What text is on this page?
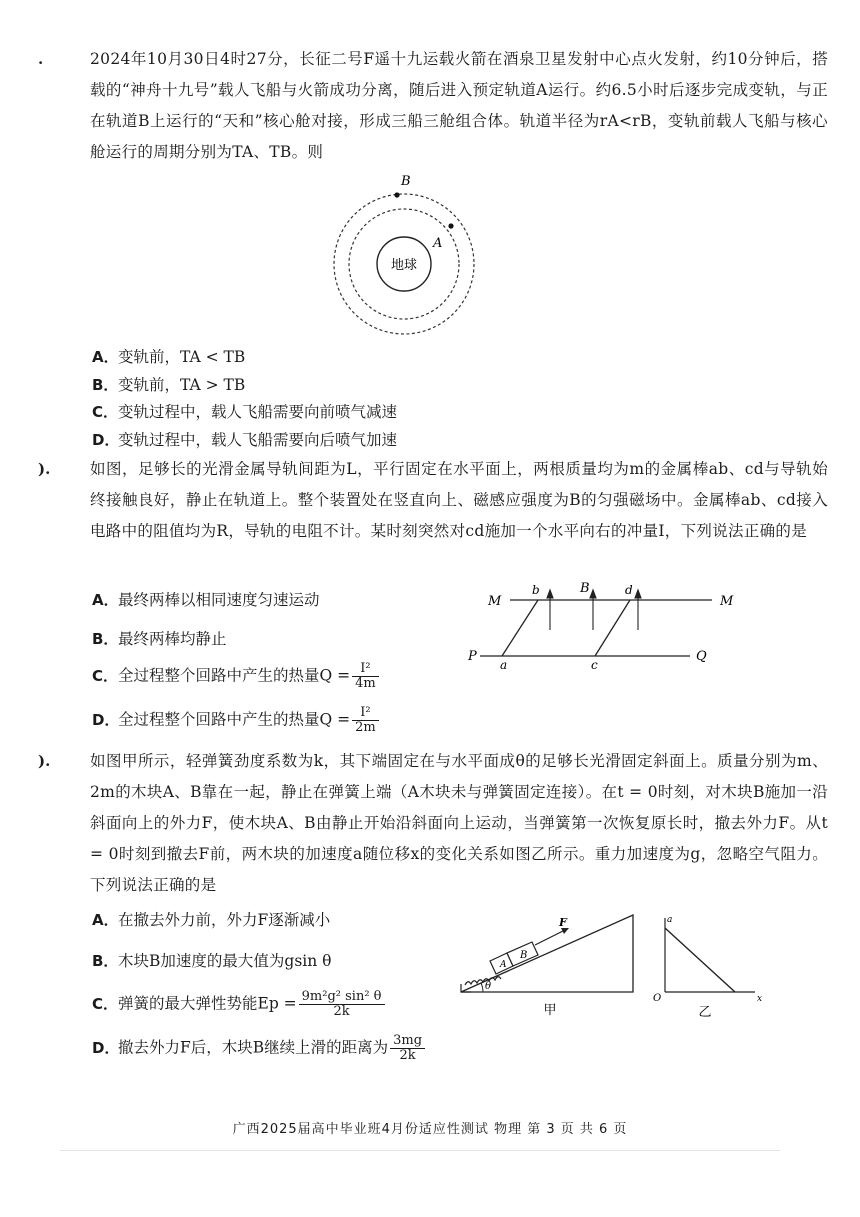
.	2024年10月30日4时27分，长征二号F遥十九运载火箭在酒泉卫星发射中心点火发射，约10分钟后，搭载的“神舟十九号”载人飞船与火箭成功分离，随后进入预定轨道A运行。约6.5小时后逐步完成变轨，与正在轨道B上运行的“天和”核心舱对接，形成三船三舱组合体。轨道半径为rA<rB，变轨前载人飞船与核心舱运行的周期分别为TA、TB。则
地球
B
A
A．变轨前，TA < TB
B．变轨前，TA > TB
C．变轨过程中，载人飞船需要向前喷气减速
D．变轨过程中，载人飞船需要向后喷气加速
).	如图，足够长的光滑金属导轨间距为L，平行固定在水平面上，两根质量均为m的金属棒ab、cd与导轨始终接触良好，静止在轨道上。整个装置处在竖直向上、磁感应强度为B的匀强磁场中。金属棒ab、cd接入电路中的阻值均为R，导轨的电阻不计。某时刻突然对cd施加一个水平向右的冲量I，下列说法正确的是
M	M
P	Q
a
b
c
d
B
A．最终两棒以相同速度匀速运动
B．最终两棒均静止
C．全过程整个回路中产生的热量$Q = \frac{\text{I²}}{4m}$
D．全过程整个回路中产生的热量$Q = \frac{\text{I²}}{2m}$
).	如图甲所示，轻弹簧劲度系数为k，其下端固定在与水平面成θ的足够长光滑固定斜面上。质量分别为m、2m的木块A、B靠在一起，静止在弹簧上端（A木块未与弹簧固定连接）。在t = 0时刻，对木块B施加一沿斜面向上的外力F，使木块A、B由静止开始沿斜面向上运动，当弹簧第一次恢复原长时，撤去外力F。从t = 0时刻到撤去F前，两木块的加速度a随位移x的变化关系如图乙所示。重力加速度为g，忽略空气阻力。下列说法正确的是
A
B
F
θ
甲
a
x
O
乙
A．在撤去外力前，外力F逐渐减小
B．木块B加速度的最大值为gsin θ
C．弹簧的最大弹性势能$Ep = \frac{\text{9m²g² sin² θ}}{2k}$
D．撤去外力F后，木块B继续上滑的距离为 $\frac{3mg}{2k}$
广西2025届高中毕业班4月份适应性测试 物理 第 3 页 共 6 页
